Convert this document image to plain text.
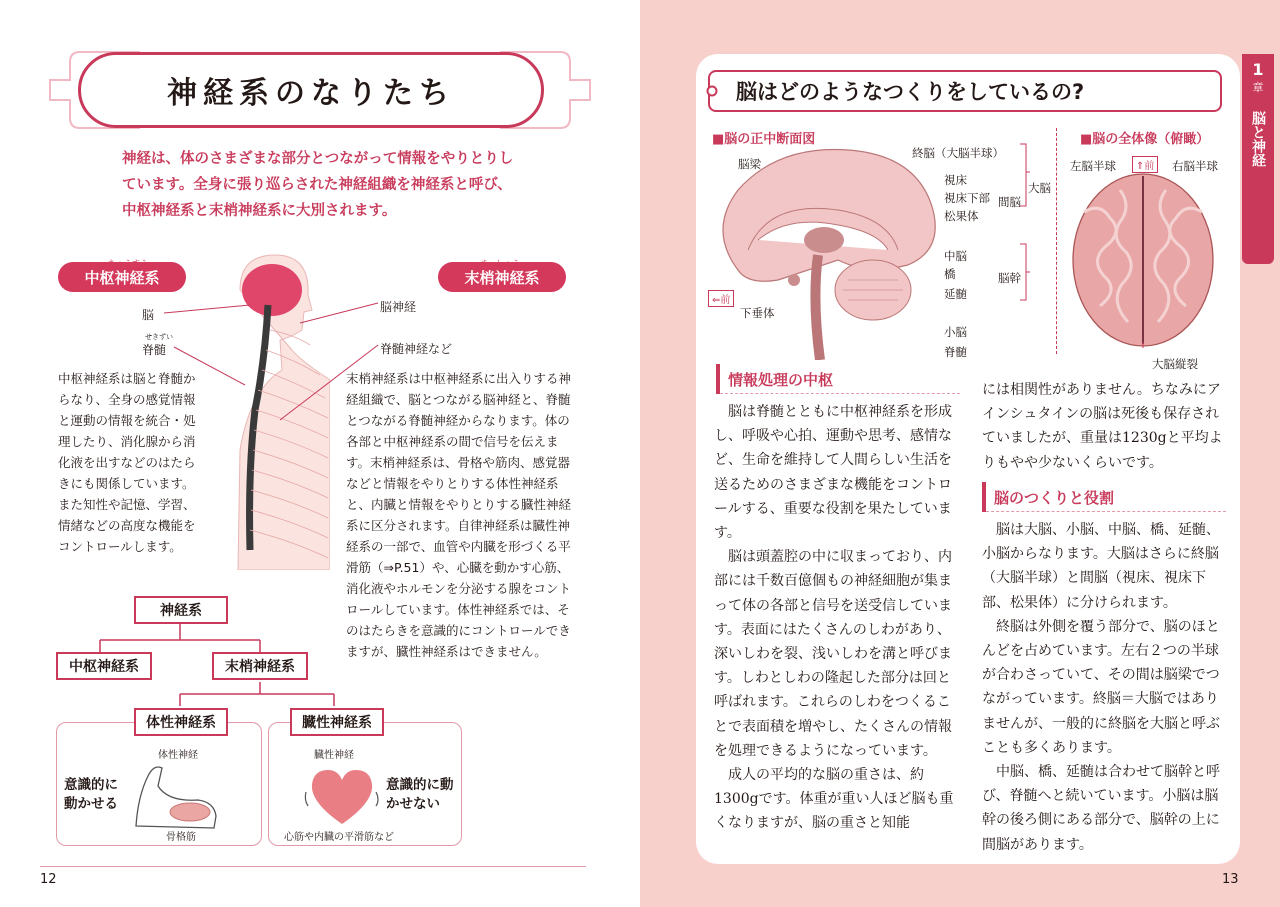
神経系のなりたち
神経は、体のさまざまな部分とつながって情報をやりとりしています。全身に張り巡らされた神経組織を神経系と呼び、中枢神経系と末梢神経系に大別されます。
中枢神経系	末梢神経系
脳
せきずい
脊髄
脳神経
脊髄神経など
中枢神経系は脳と脊髄からなり、全身の感覚情報と運動の情報を統合・処理したり、消化腺から消化液を出すなどのはたらきにも関係しています。また知性や記憶、学習、情緒などの高度な機能をコントロールします。
末梢神経系は中枢神経系に出入りする神経組織で、脳とつながる脳神経と、脊髄とつながる脊髄神経からなります。体の各部と中枢神経系の間で信号を伝えます。末梢神経系は、骨格や筋肉、感覚器などと情報をやりとりする体性神経系と、内臓と情報をやりとりする臓性神経系に区分されます。自律神経系は臓性神経系の一部で、血管や内臓を形づくる平滑筋（⇒P.51）や、心臓を動かす心筋、消化液やホルモンを分泌する腺をコントロールしています。体性神経系では、そのはたらきを意識的にコントロールできますが、臓性神経系はできません。
神経系
中枢神経系	末梢神経系
体性神経系	臓性神経系
体性神経
意識的に動かせる
骨格筋
臓性神経
意識的に動かせない
心筋や内臓の平滑筋など
12
1
章
脳と神経
脳はどのようなつくりをしているの?
■脳の正中断面図	■脳の全体像（俯瞰）
脳梁
終脳（大脳半球）
視床
視床下部
松果体
大脳
間脳
中脳
橋
延髄
脳幹
下垂体
小脳
脊髄
⇐前
左脳半球	⇑前	右脳半球
大脳縦裂
情報処理の中枢

脳は脊髄とともに中枢神経系を形成し、呼吸や心拍、運動や思考、感情など、生命を維持して人間らしい生活を送るためのさまざまな機能をコントロールする、重要な役割を果たしています。

脳は頭蓋腔の中に収まっており、内部には千数百億個もの神経細胞が集まって体の各部と信号を送受信しています。表面にはたくさんのしわがあり、深いしわを裂、浅いしわを溝と呼びます。しわとしわの隆起した部分は回と呼ばれます。これらのしわをつくることで表面積を増やし、たくさんの情報を処理できるようになっています。

成人の平均的な脳の重さは、約1300gです。体重が重い人ほど脳も重くなりますが、脳の重さと知能

には相関性がありません。ちなみにアインシュタインの脳は死後も保存されていましたが、重量は1230gと平均よりもやや少ないくらいです。

脳のつくりと役割

脳は大脳、小脳、中脳、橋、延髄、小脳からなります。大脳はさらに終脳（大脳半球）と間脳（視床、視床下部、松果体）に分けられます。

終脳は外側を覆う部分で、脳のほとんどを占めています。左右２つの半球が合わさっていて、その間は脳梁でつながっています。終脳＝大脳ではありませんが、一般的に終脳を大脳と呼ぶことも多くあります。

中脳、橋、延髄は合わせて脳幹と呼び、脊髄へと続いています。小脳は脳幹の後ろ側にある部分で、脳幹の上に間脳があります。

13
